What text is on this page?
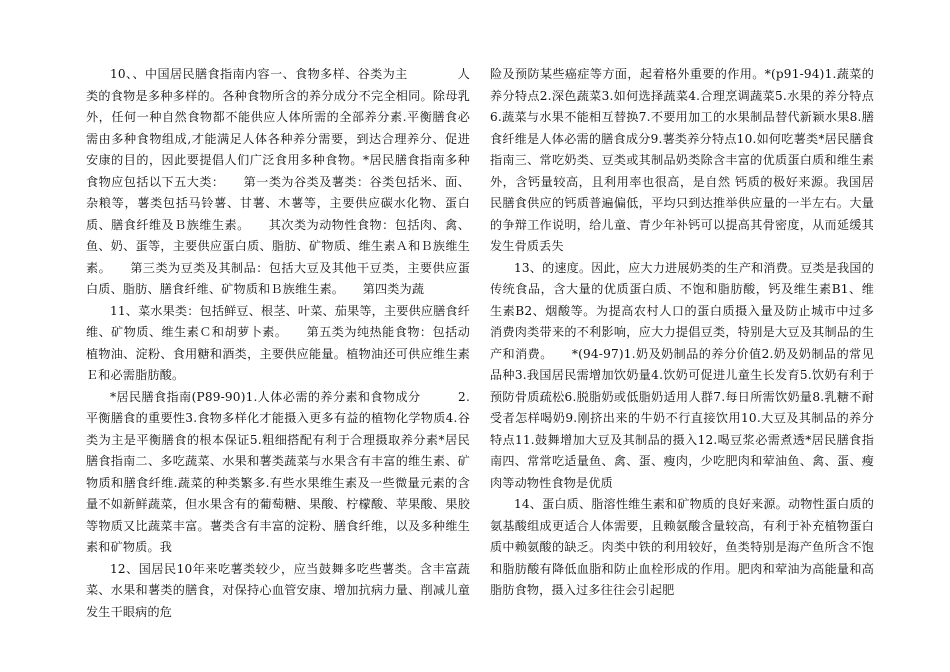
10、、中国居民膳食指南内容一、食物多样、谷类为主　　　　人类的食物是多种多样的。各种食物所含的养分成分不完全相同。除母乳外，任何一种自然食物都不能供应人体所需的全部养分素.平衡膳食必需由多种食物组成,才能满足人体各种养分需要，到达合理养分、促进安康的目的，因此要提倡人们广泛食用多种食物。*居民膳食指南多种食物应包括以下五大类：　　第一类为谷类及薯类：谷类包括米、面、杂粮等，薯类包括马铃薯、甘薯、木薯等，主要供应碳水化物、蛋白质、膳食纤维及Ｂ族维生素。　　其次类为动物性食物：包括肉、禽、鱼、奶、蛋等，主要供应蛋白质、脂肪、矿物质、维生素Ａ和Ｂ族维生素。　　第三类为豆类及其制品：包括大豆及其他干豆类，主要供应蛋白质、脂肪、膳食纤维、矿物质和Ｂ族维生素。　　第四类为蔬

11、菜水果类：包括鲜豆、根茎、叶菜、茄果等，主要供应膳食纤维、矿物质、维生素Ｃ和胡萝卜素。　　第五类为纯热能食物：包括动植物油、淀粉、食用糖和酒类，主要供应能量。植物油还可供应维生素Ｅ和必需脂肪酸。

*居民膳食指南(P89-90)1.人体必需的养分素和食物成分　　　2.平衡膳食的重要性3.食物多样化才能摄入更多有益的植物化学物质4.谷类为主是平衡膳食的根本保证5.粗细搭配有利于合理摄取养分素*居民膳食指南二、多吃蔬菜、水果和薯类蔬菜与水果含有丰富的维生素、矿物质和膳食纤维.蔬菜的种类繁多.有些水果维生素及一些微量元素的含量不如新鲜蔬菜，但水果含有的葡萄糖、果酸、柠檬酸、苹果酸、果胶等物质又比蔬菜丰富。薯类含有丰富的淀粉、膳食纤维，以及多种维生素和矿物质。我

12、国居民10年来吃薯类较少，应当鼓舞多吃些薯类。含丰富蔬菜、水果和薯类的膳食，对保持心血管安康、增加抗病力量、削减儿童发生干眼病的危

险及预防某些癌症等方面，起着格外重要的作用。*(p91-94)1.蔬菜的养分特点2.深色蔬菜3.如何选择蔬菜4.合理烹调蔬菜5.水果的养分特点6.蔬菜与水果不能相互替换7.不要用加工的水果制品替代新颖水果8.膳食纤维是人体必需的膳食成分9.薯类养分特点10.如何吃薯类*居民膳食指南三、常吃奶类、豆类或其制品奶类除含丰富的优质蛋白质和维生素外，含钙量较高，且利用率也很高，是自然 钙质的极好来源。我国居民膳食供应的钙质普遍偏低，平均只到达推举供应量的一半左右。大量的争辩工作说明，给儿童、青少年补钙可以提高其骨密度，从而延缓其发生骨质丢失

13、的速度。因此，应大力进展奶类的生产和消费。豆类是我国的传统食品，含大量的优质蛋白质、不饱和脂肪酸，钙及维生素B1、维生素B2、烟酸等。为提高农村人口的蛋白质摄入量及防止城市中过多消费肉类带来的不利影响，应大力提倡豆类，特别是大豆及其制品的生产和消费。　　*(94-97)1.奶及奶制品的养分价值2.奶及奶制品的常见品种3.我国居民需增加饮奶量4.饮奶可促进儿童生长发育5.饮奶有利于预防骨质疏松6.脱脂奶或低脂奶适用人群7.每日所需饮奶量8.乳糖不耐受者怎样喝奶9.刚挤出来的牛奶不行直接饮用10.大豆及其制品的养分特点11.鼓舞增加大豆及其制品的摄入12.喝豆浆必需煮透*居民膳食指南四、常常吃适量鱼、禽、蛋、瘦肉，少吃肥肉和荤油鱼、禽、蛋、瘦肉等动物性食物是优质

14、蛋白质、脂溶性维生素和矿物质的良好来源。动物性蛋白质的氨基酸组成更适合人体需要，且赖氨酸含量较高，有利于补充植物蛋白质中赖氨酸的缺乏。肉类中铁的利用较好，鱼类特别是海产鱼所含不饱和脂肪酸有降低血脂和防止血栓形成的作用。肥肉和荤油为高能量和高脂肪食物，摄入过多往往会引起肥
